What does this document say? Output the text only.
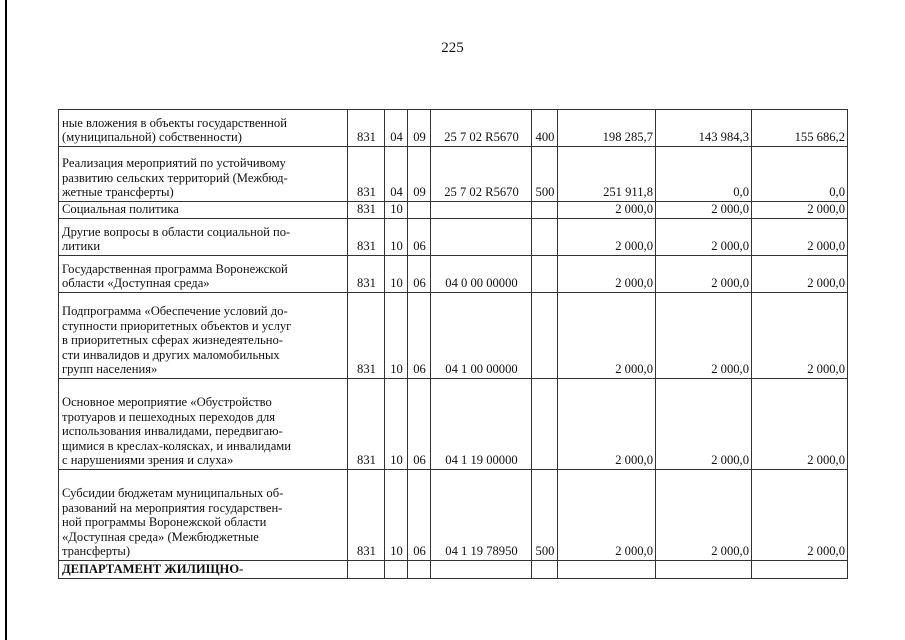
225
ные вложения в объекты государственной
(муниципальной) собственности)	831	04	09	25 7 02 R5670	400	198 285,7	143 984,3	155 686,2

Реализация мероприятий по устойчивому
развитию сельских территорий (Межбюд-
жетные трансферты)	831	04	09	25 7 02 R5670	500	251 911,8	0,0	0,0

Социальная политика	831	10				2 000,0	2 000,0	2 000,0

Другие вопросы в области социальной по-
литики	831	10	06			2 000,0	2 000,0	2 000,0

Государственная программа Воронежской
области «Доступная среда»	831	10	06	04 0 00 00000		2 000,0	2 000,0	2 000,0

Подпрограмма «Обеспечение условий до-
ступности приоритетных объектов и услуг
в приоритетных сферах жизнедеятельно-
сти инвалидов и других маломобильных
групп населения»	831	10	06	04 1 00 00000		2 000,0	2 000,0	2 000,0

Основное мероприятие «Обустройство
тротуаров и пешеходных переходов для
использования инвалидами, передвигаю-
щимися в креслах-колясках, и инвалидами
с нарушениями зрения и слуха»	831	10	06	04 1 19 00000		2 000,0	2 000,0	2 000,0

Субсидии бюджетам муниципальных об-
разований на мероприятия государствен-
ной программы Воронежской области
«Доступная среда» (Межбюджетные
трансферты)	831	10	06	04 1 19 78950	500	2 000,0	2 000,0	2 000,0

ДЕПАРТАМЕНТ ЖИЛИЩНО-								
